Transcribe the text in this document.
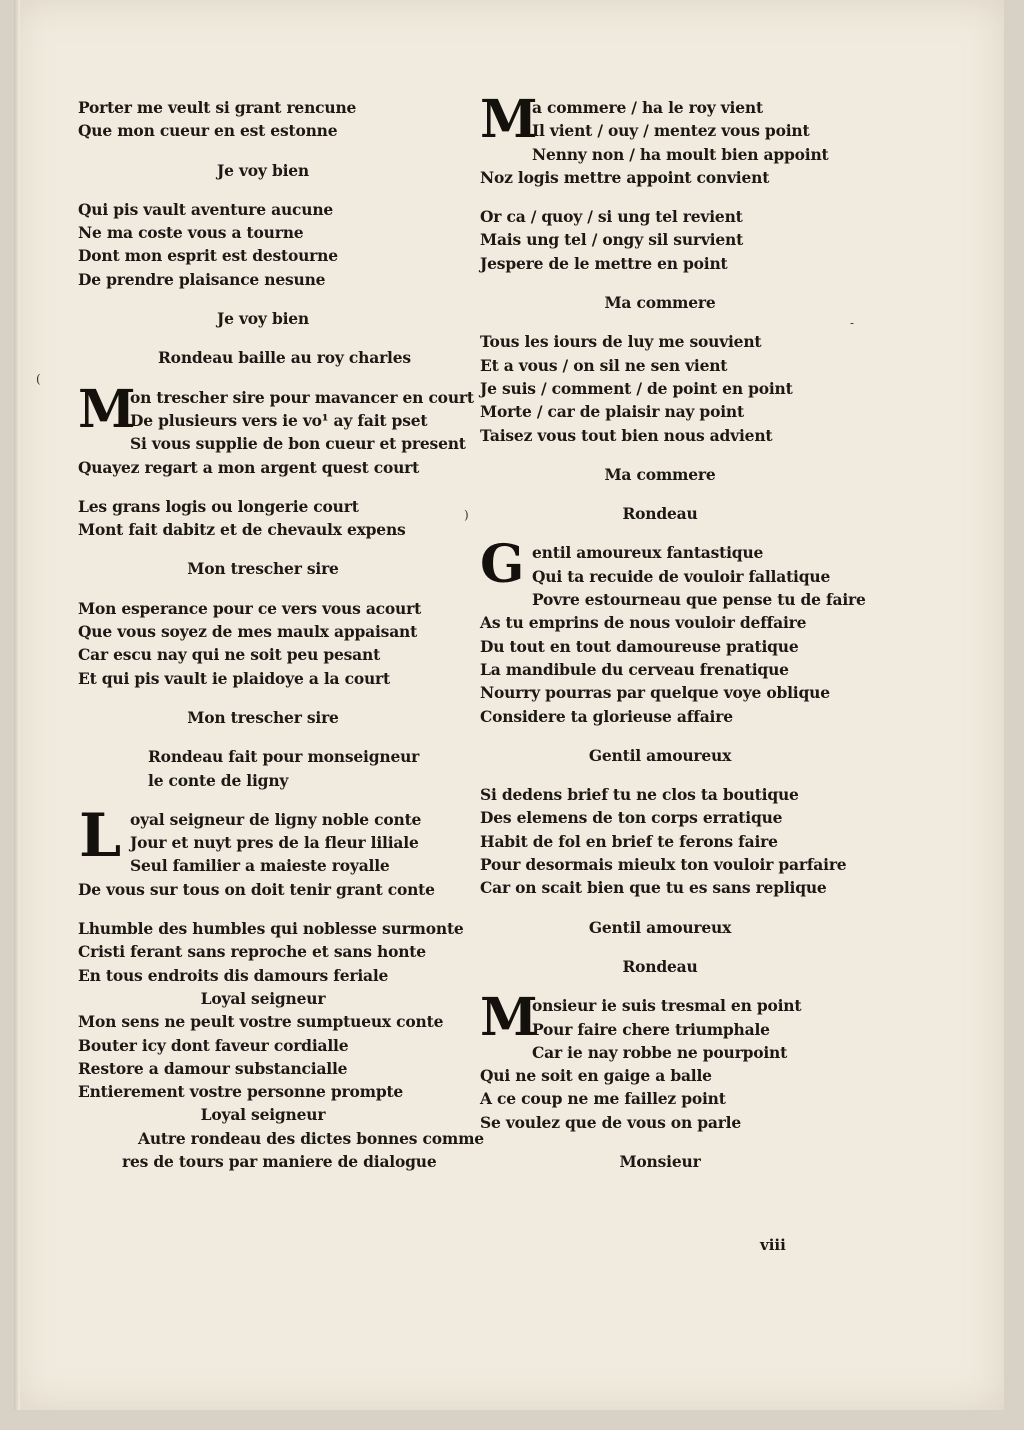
Porter me veult si grant rencune
Que mon cueur en est estonne
Je voy bien
Qui pis vault aventure aucune
Ne ma coste vous a tourne
Dont mon esprit est destourne
De prendre plaisance nesune
Je voy bien
Rondeau baille au roy charles
M
on trescher sire pour mavancer en court
De plusieurs vers ie vo¹ ay fait pset
Si vous supplie de bon cueur et present
Quayez regart a mon argent quest court
Les grans logis ou longerie court
Mont fait dabitz et de chevaulx expens
Mon trescher sire
Mon esperance pour ce vers vous acourt
Que vous soyez de mes maulx appaisant
Car escu nay qui ne soit peu pesant
Et qui pis vault ie plaidoye a la court
Mon trescher sire
Rondeau fait pour monseigneur
le conte de ligny
L oyal seigneur de ligny noble conte
Jour et nuyt pres de la fleur liliale
Seul familier a maieste royalle
De vous sur tous on doit tenir grant conte
Lhumble des humbles qui noblesse surmonte
Cristi ferant sans reproche et sans honte
En tous endroits dis damours feriale
Loyal seigneur
Mon sens ne peult vostre sumptueux conte
Bouter icy dont faveur cordialle
Restore a damour substancialle
Entierement vostre personne prompte
Loyal seigneur
Autre rondeau des dictes bonnes comme
res de tours par maniere de dialogue
M
a commere / ha le roy vient
Il vient / ouy / mentez vous point
Nenny non / ha moult bien appoint
Noz logis mettre appoint convient
Or ca / quoy / si ung tel revient
Mais ung tel / ongy sil survient
Jespere de le mettre en point
Ma commere
Tous les iours de luy me souvient
Et a vous / on sil ne sen vient
Je suis / comment / de point en point
Morte / car de plaisir nay point
Taisez vous tout bien nous advient
Ma commere
Rondeau
G entil amoureux fantastique
Qui ta recuide de vouloir fallatique
Povre estourneau que pense tu de faire
As tu emprins de nous vouloir deffaire
Du tout en tout damoureuse pratique
La mandibule du cerveau frenatique
Nourry pourras par quelque voye oblique
Considere ta glorieuse affaire
Gentil amoureux
Si dedens brief tu ne clos ta boutique
Des elemens de ton corps erratique
Habit de fol en brief te ferons faire
Pour desormais mieulx ton vouloir parfaire
Car on scait bien que tu es sans replique
Gentil amoureux
Rondeau
M
onsieur ie suis tresmal en point
Pour faire chere triumphale
Car ie nay robbe ne pourpoint
Qui ne soit en gaige a balle
A ce coup ne me faillez point
Se voulez que de vous on parle
Monsieur
viii
(
)
-
